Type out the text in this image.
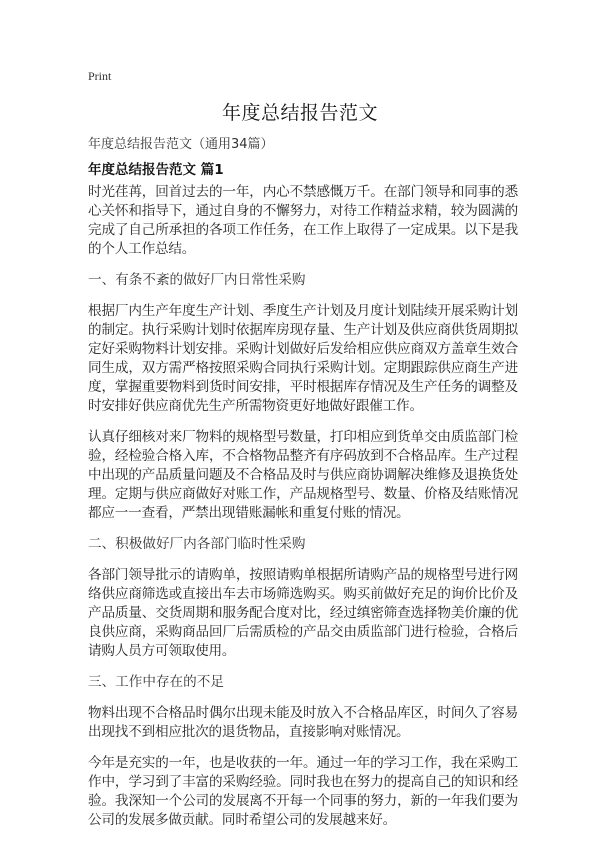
Print
年度总结报告范文
年度总结报告范文（通用34篇）
年度总结报告范文 篇1

时光荏苒，回首过去的一年，内心不禁感慨万千。在部门领导和同事的悉心关怀和指导下，通过自身的不懈努力，对待工作精益求精，较为圆满的完成了自己所承担的各项工作任务，在工作上取得了一定成果。以下是我的个人工作总结。

一、有条不紊的做好厂内日常性采购

根据厂内生产年度生产计划、季度生产计划及月度计划陆续开展采购计划的制定。执行采购计划时依据库房现存量、生产计划及供应商供货周期拟定好采购物料计划安排。采购计划做好后发给相应供应商双方盖章生效合同生成，双方需严格按照采购合同执行采购计划。定期跟踪供应商生产进度，掌握重要物料到货时间安排，平时根据库存情况及生产任务的调整及时安排好供应商优先生产所需物资更好地做好跟催工作。

认真仔细核对来厂物料的规格型号数量，打印相应到货单交由质监部门检验，经检验合格入库，不合格物品整齐有序码放到不合格品库。生产过程中出现的产品质量问题及不合格品及时与供应商协调解决维修及退换货处理。定期与供应商做好对账工作，产品规格型号、数量、价格及结账情况都应一一查看，严禁出现错账漏帐和重复付账的情况。

二、积极做好厂内各部门临时性采购

各部门领导批示的请购单，按照请购单根据所请购产品的规格型号进行网络供应商筛选或直接出车去市场筛选购买。购买前做好充足的询价比价及产品质量、交货周期和服务配合度对比，经过缜密筛查选择物美价廉的优良供应商，采购商品回厂后需质检的产品交由质监部门进行检验，合格后请购人员方可领取使用。

三、工作中存在的不足

物料出现不合格品时偶尔出现未能及时放入不合格品库区，时间久了容易出现找不到相应批次的退货物品，直接影响对账情况。

今年是充实的一年，也是收获的一年。通过一年的学习工作，我在采购工作中，学习到了丰富的采购经验。同时我也在努力的提高自己的知识和经验。我深知一个公司的发展离不开每一个同事的努力，新的一年我们要为公司的发展多做贡献。同时希望公司的发展越来好。
